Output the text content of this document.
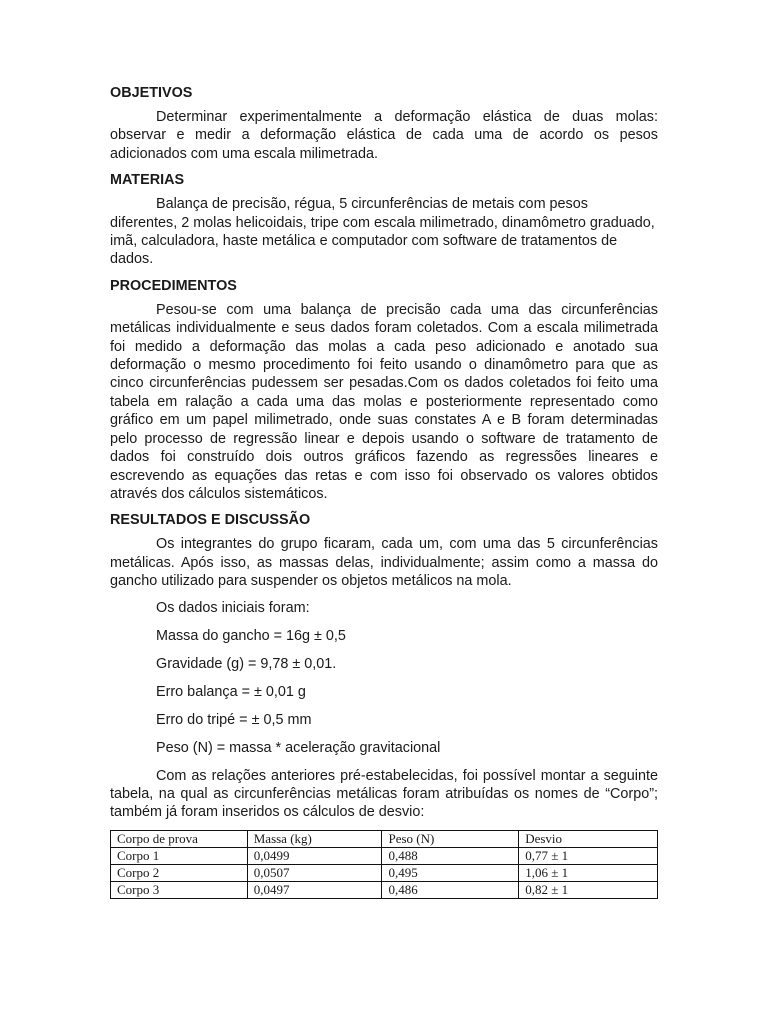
OBJETIVOS

Determinar experimentalmente a deformação elástica de duas molas: observar e medir a deformação elástica de cada uma de acordo os pesos adicionados com uma escala milimetrada.

MATERIAS

Balança de precisão, régua, 5 circunferências de metais com pesos diferentes, 2 molas helicoidais, tripe com escala milimetrado, dinamômetro graduado, imã, calculadora, haste metálica e computador com software de tratamentos de dados.

PROCEDIMENTOS

Pesou-se com uma balança de precisão cada uma das circunferências metálicas individualmente e seus dados foram coletados. Com a escala milimetrada foi medido a deformação das molas a cada peso adicionado e anotado sua deformação o mesmo procedimento foi feito usando o dinamômetro para que as cinco circunferências pudessem ser pesadas.Com os dados coletados foi feito uma tabela em ralação a cada uma das molas e posteriormente representado como gráfico em um papel milimetrado, onde suas constates A e B foram determinadas pelo processo de regressão linear e depois usando o software de tratamento de dados foi construído dois outros gráficos fazendo as regressões lineares e escrevendo as equações das retas e com isso foi observado os valores obtidos através dos cálculos sistemáticos.

RESULTADOS E DISCUSSÃO

Os integrantes do grupo ficaram, cada um, com uma das 5 circunferências metálicas. Após isso, as massas delas, individualmente; assim como a massa do gancho utilizado para suspender os objetos metálicos na mola.

Os dados iniciais foram:
Massa do gancho = 16g ± 0,5
Gravidade (g) = 9,78 ± 0,01.
Erro balança = ± 0,01 g
Erro do tripé = ± 0,5 mm
Peso (N) = massa * aceleração gravitacional

Com as relações anteriores pré-estabelecidas, foi possível montar a seguinte tabela, na qual as circunferências metálicas foram atribuídas os nomes de “Corpo”; também já foram inseridos os cálculos de desvio:

Corpo de prova	Massa (kg)	Peso (N)	Desvio
Corpo 1	0,0499	0,488	0,77 ± 1
Corpo 2	0,0507	0,495	1,06 ± 1
Corpo 3	0,0497	0,486	0,82 ± 1
